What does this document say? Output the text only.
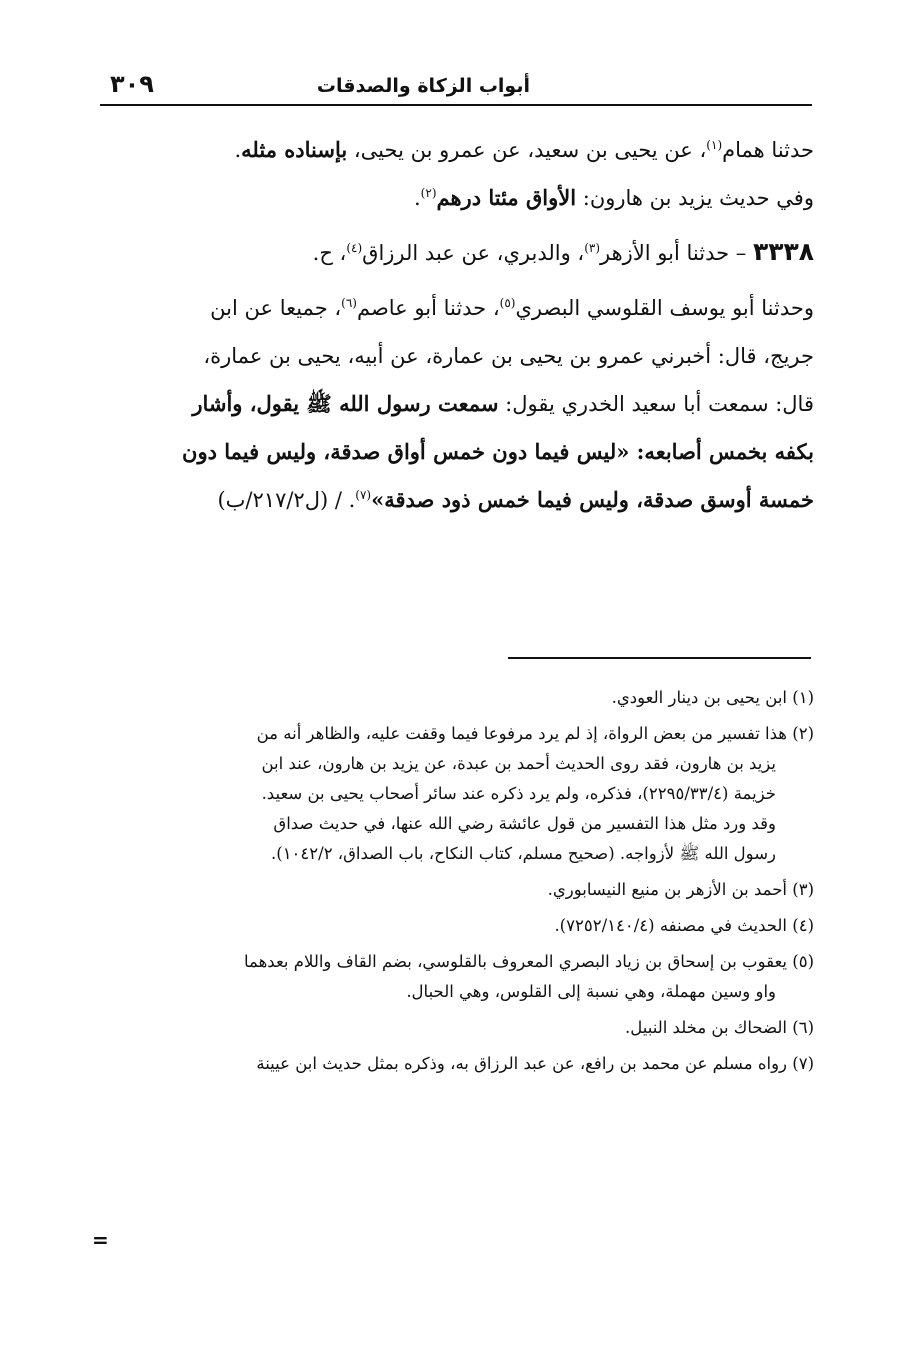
أبواب الزكاة والصدقات
٣٠٩
حدثنا همام$^{(١)}$، عن يحيى بن سعيد، عن عمرو بن يحيى، بإسناده مثله.
وفي حديث يزيد بن هارون: الأواق مئتا درهم$^{(٢)}$.
٣٣٣٨ – حدثنا أبو الأزهر$^{(٣)}$، والدبري، عن عبد الرزاق$^{(٤)}$، ح.
وحدثنا أبو يوسف القلوسي البصري$^{(٥)}$، حدثنا أبو عاصم$^{(٦)}$، جميعا عن ابن
جريج، قال: أخبرني عمرو بن يحيى بن عمارة، عن أبيه، يحيى بن عمارة،
قال: سمعت أبا سعيد الخدري يقول: سمعت رسول الله ﷺ يقول، وأشار
بكفه بخمس أصابعه: «ليس فيما دون خمس أواق صدقة، وليس فيما دون
خمسة أوسق صدقة، وليس فيما خمس ذود صدقة»$^{(٧)}$. / (ل٢١٧/٢/ب)
(١) ابن يحيى بن دينار العودي.
(٢) هذا تفسير من بعض الرواة، إذ لم يرد مرفوعا فيما وقفت عليه، والظاهر أنه من
يزيد بن هارون، فقد روى الحديث أحمد بن عبدة، عن يزيد بن هارون، عند ابن
خزيمة (٢٢٩٥/٣٣/٤)، فذكره، ولم يرد ذكره عند سائر أصحاب يحيى بن سعيد.
وقد ورد مثل هذا التفسير من قول عائشة رضي الله عنها، في حديث صداق
رسول الله ﷺ لأزواجه. (صحيح مسلم، كتاب النكاح، باب الصداق، ١٠٤٢/٢).
(٣) أحمد بن الأزهر بن منيع النيسابوري.
(٤) الحديث في مصنفه (٧٢٥٢/١٤٠/٤).
(٥) يعقوب بن إسحاق بن زياد البصري المعروف بالقلوسي، بضم القاف واللام بعدهما
واو وسين مهملة، وهي نسبة إلى القلوس، وهي الحبال.
(٦) الضحاك بن مخلد النبيل.
(٧) رواه مسلم عن محمد بن رافع، عن عبد الرزاق به، وذكره بمثل حديث ابن عيينة
=
